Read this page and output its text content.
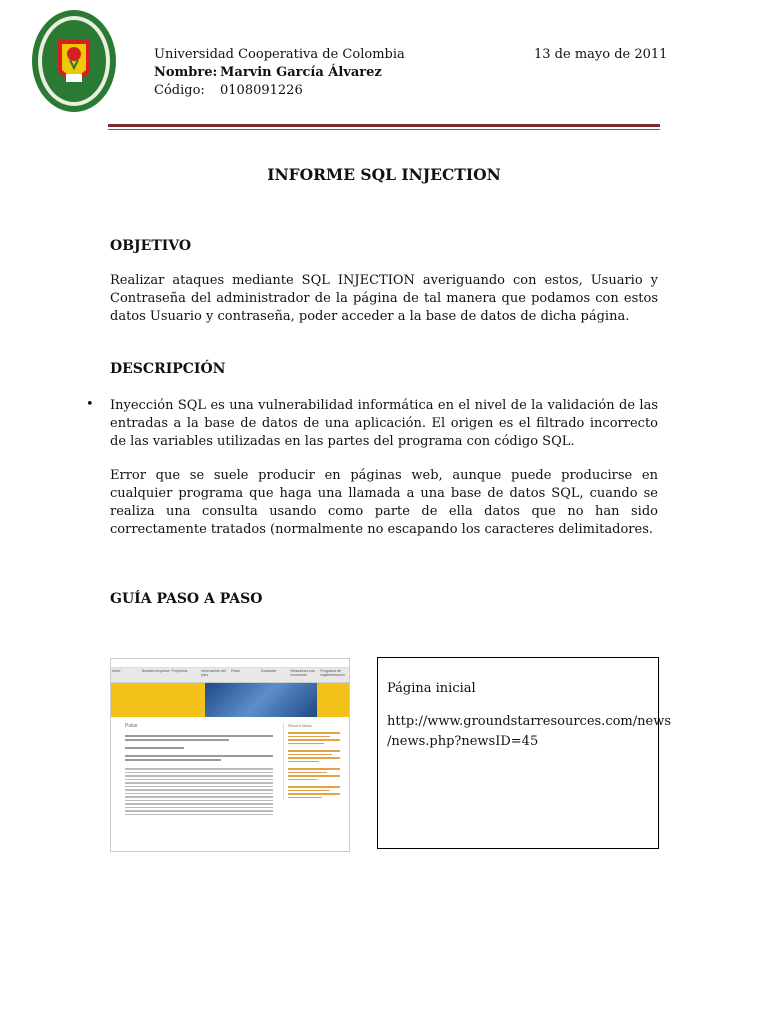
Universidad Cooperativa de Colombia	13 de mayo de 2011
Nombre: Marvin García Álvarez
Código: 0108091226
INFORME SQL INJECTION
OBJETIVO
Realizar ataques mediante SQL INJECTION averiguando con estos, Usuario y Contraseña del administrador de la página de tal manera que podamos con estos datos Usuario y contraseña, poder acceder a la base de datos de dicha página.
DESCRIPCIÓN
• Inyección SQL es una vulnerabilidad informática en el nivel de la validación de las entradas a la base de datos de una aplicación. El origen es el filtrado incorrecto de las variables utilizadas en las partes del programa con código SQL.
Error que se suele producir en páginas web, aunque puede producirse en cualquier programa que haga una llamada a una base de datos SQL, cuando se realiza una consulta usando como parte de ella datos que no han sido correctamente tratados (normalmente no escapando los caracteres delimitadores.
GUÍA PASO A PASO
Inicio	Nuestra empresa Proyectos	Información del país
Pulse	Contactar	Relaciones con inversores
Programa de reglamentación
Pulse	Recent News

Página inicial

http://www.groundstarresources.com/news

/news.php?newsID=45
